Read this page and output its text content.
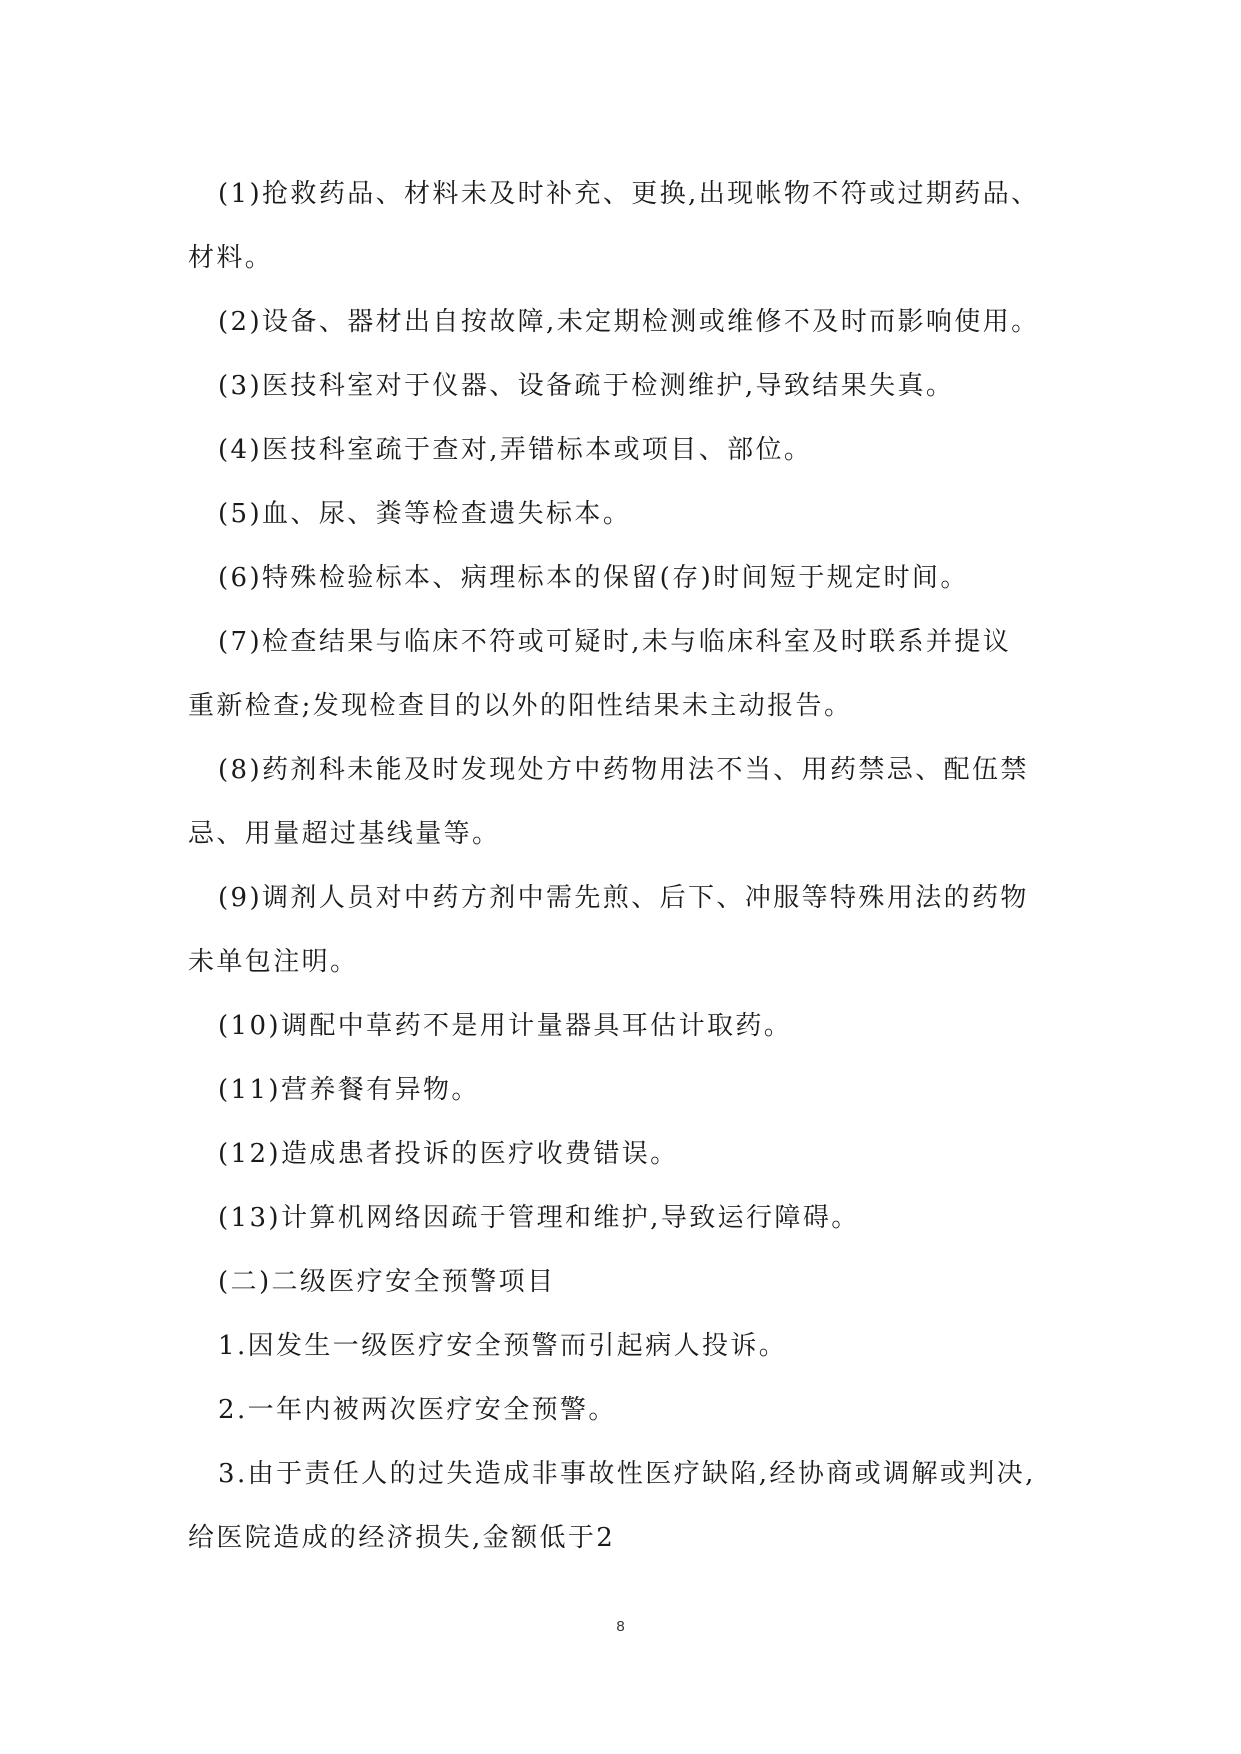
(1)抢救药品、材料未及时补充、更换,出现帐物不符或过期药品、
材料。
(2)设备、器材出自按故障,未定期检测或维修不及时而影响使用。
(3)医技科室对于仪器、设备疏于检测维护,导致结果失真。
(4)医技科室疏于查对,弄错标本或项目、部位。
(5)血、尿、粪等检查遗失标本。
(6)特殊检验标本、病理标本的保留(存)时间短于规定时间。
(7)检查结果与临床不符或可疑时,未与临床科室及时联系并提议
重新检查;发现检查目的以外的阳性结果未主动报告。
(8)药剂科未能及时发现处方中药物用法不当、用药禁忌、配伍禁
忌、用量超过基线量等。
(9)调剂人员对中药方剂中需先煎、后下、冲服等特殊用法的药物
未单包注明。
(10)调配中草药不是用计量器具耳估计取药。
(11)营养餐有异物。
(12)造成患者投诉的医疗收费错误。
(13)计算机网络因疏于管理和维护,导致运行障碍。
(二)二级医疗安全预警项目
1.因发生一级医疗安全预警而引起病人投诉。
2.一年内被两次医疗安全预警。
3.由于责任人的过失造成非事故性医疗缺陷,经协商或调解或判决,
给医院造成的经济损失,金额低于2
8
